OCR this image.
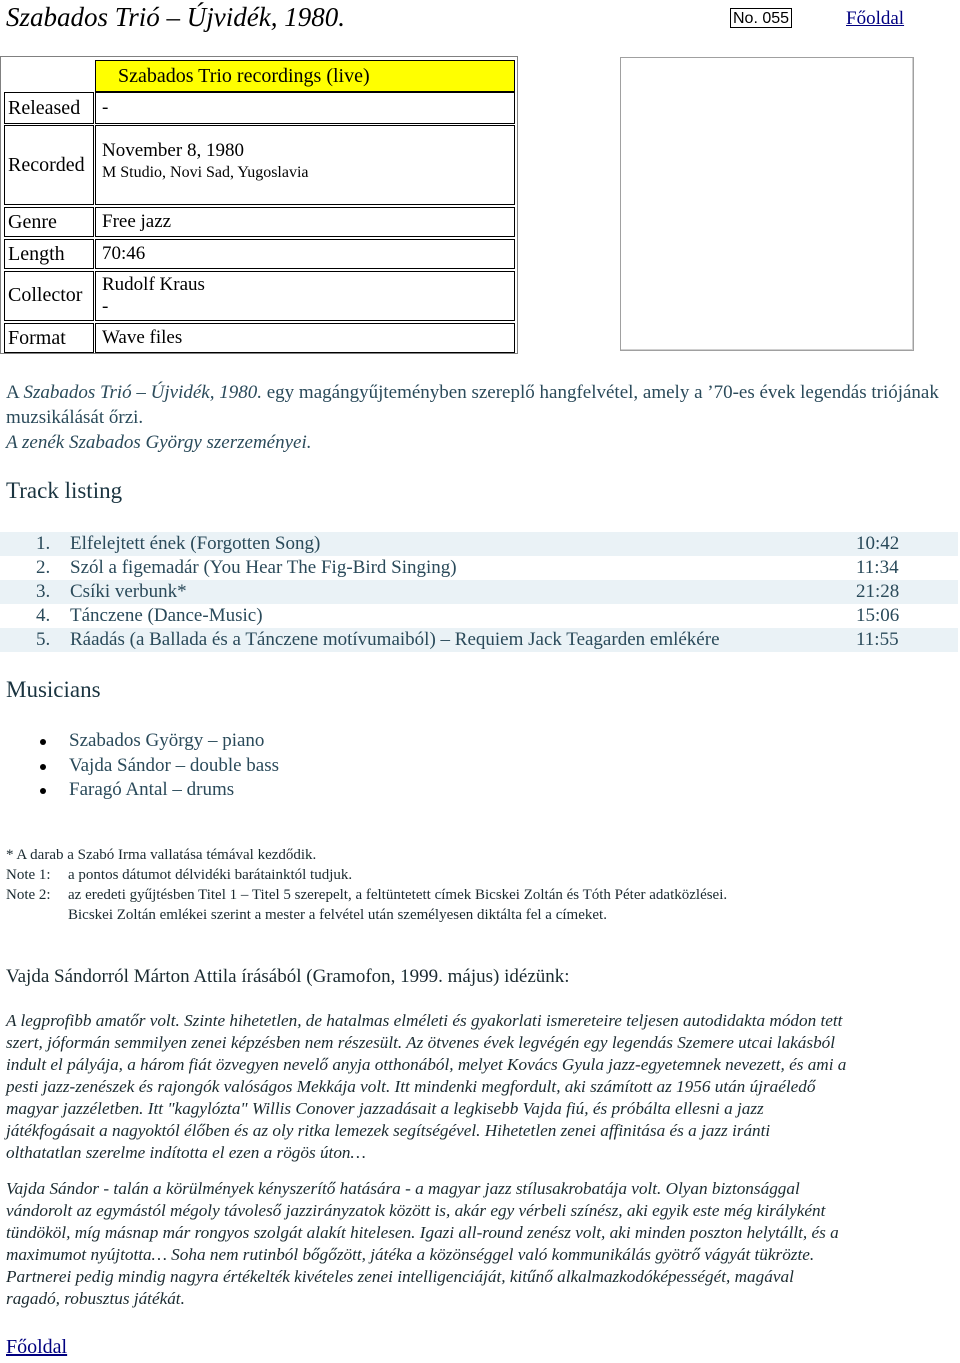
Szabados Trió – Újvidék, 1980.	No. 055	Főoldal
Szabados Trio recordings (live)
Released -
Recorded
November 8, 1980
M Studio, Novi Sad, Yugoslavia
Genre Free jazz
Length 70:46
Collector Rudolf Kraus
-
Format Wave files
A Szabados Trió – Újvidék, 1980. egy magángyűjteményben szereplő hangfelvétel, amely a ’70-es évek legendás triójának muzsikálását őrzi.
A zenék Szabados György szerzeményei.
Track listing
1. Elfelejtett ének (Forgotten Song)	10:42
2. Szól a figemadár (You Hear The Fig-Bird Singing)	11:34
3. Csíki verbunk*	21:28
4. Tánczene (Dance-Music)	15:06
5. Ráadás (a Ballada és a Tánczene motívumaiból) – Requiem Jack Teagarden emlékére	11:55
Musicians
Szabados György – piano
Vajda Sándor – double bass
Faragó Antal – drums
* A darab a Szabó Irma vallatása témával kezdődik.
Note 1: a pontos dátumot délvidéki barátainktól tudjuk.
Note 2: az eredeti gyűjtésben Titel 1 – Titel 5 szerepelt, a feltüntetett címek Bicskei Zoltán és Tóth Péter adatközlései.
Bicskei Zoltán emlékei szerint a mester a felvétel után személyesen diktálta fel a címeket.
Vajda Sándorról Márton Attila írásából (Gramofon, 1999. május) idézünk:
A legprofibb amatőr volt. Szinte hihetetlen, de hatalmas elméleti és gyakorlati ismereteire teljesen autodidakta módon tett
szert, jóformán semmilyen zenei képzésben nem részesült. Az ötvenes évek legvégén egy legendás Szemere utcai lakásból
indult el pályája, a három fiát özvegyen nevelő anyja otthonából, melyet Kovács Gyula jazz-egyetemnek nevezett, és ami a
pesti jazz-zenészek és rajongók valóságos Mekkája volt. Itt mindenki megfordult, aki számított az 1956 után újraéledő
magyar jazzéletben. Itt "kagylózta" Willis Conover jazzadásait a legkisebb Vajda fiú, és próbálta ellesni a jazz
játékfogásait a nagyoktól élőben és az oly ritka lemezek segítségével. Hihetetlen zenei affinitása és a jazz iránti
olthatatlan szerelme indította el ezen a rögös úton…
Vajda Sándor - talán a körülmények kényszerítő hatására - a magyar jazz stílusakrobatája volt. Olyan biztonsággal
vándorolt az egymástól mégoly távoleső jazzirányzatok között is, akár egy vérbeli színész, aki egyik este még királyként
tündököl, míg másnap már rongyos szolgát alakít hitelesen. Igazi all-round zenész volt, aki minden poszton helytállt, és a
maximumot nyújtotta… Soha nem rutinból bőgőzött, játéka a közönséggel való kommunikálás gyötrő vágyát tükrözte.
Partnerei pedig mindig nagyra értékelték kivételes zenei intelligenciáját, kitűnő alkalmazkodóképességét, magával
ragadó, robusztus játékát.
Főoldal
